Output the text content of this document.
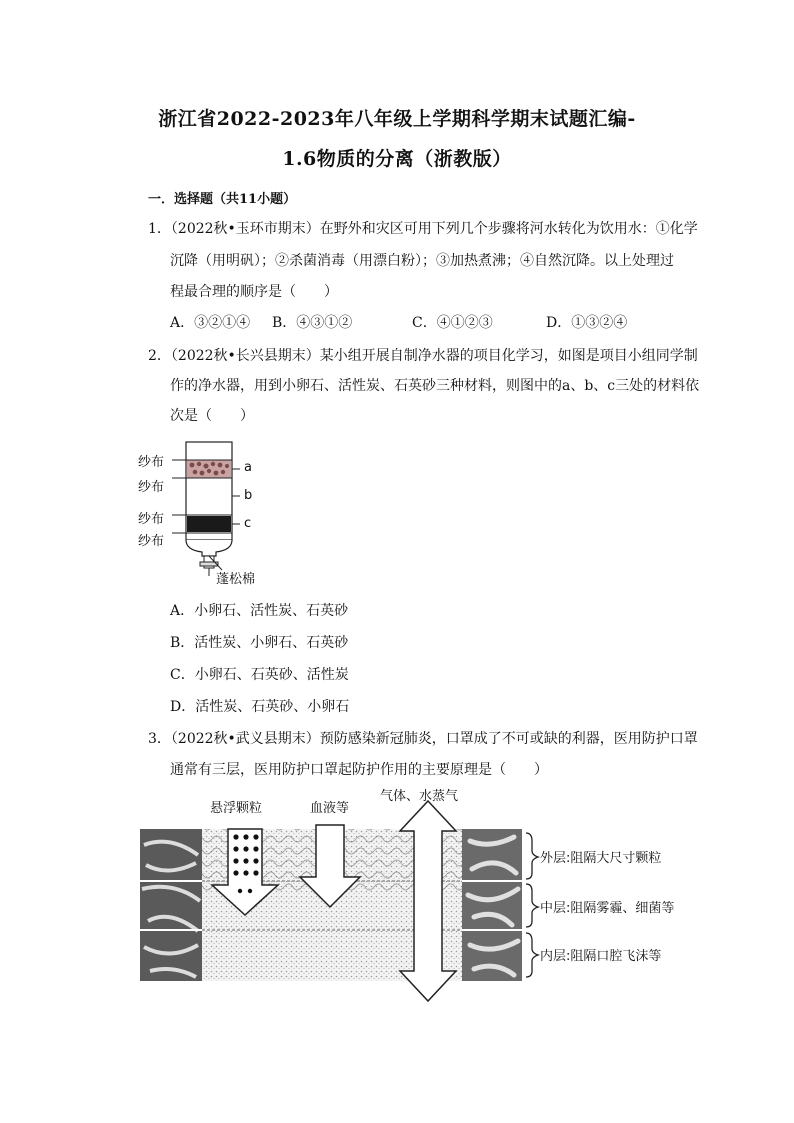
浙江省2022-2023年八年级上学期科学期末试题汇编-
1.6物质的分离（浙教版）
一．选择题（共11小题）
1．（2022秋•玉环市期末）在野外和灾区可用下列几个步骤将河水转化为饮用水：①化学
沉降（用明矾）；②杀菌消毒（用漂白粉）；③加热煮沸；④自然沉降。以上处理过
程最合理的顺序是（　　）
A．③②①④ B．④③①②	C．④①②③	D．①③②④
2．（2022秋•长兴县期末）某小组开展自制净水器的项目化学习，如图是项目小组同学制
作的净水器，用到小卵石、活性炭、石英砂三种材料，则图中的a、b、c三处的材料依
次是（　　）
纱布
纱布
纱布
纱布
a
b
c
蓬松棉
A．小卵石、活性炭、石英砂
B．活性炭、小卵石、石英砂
C．小卵石、石英砂、活性炭
D．活性炭、石英砂、小卵石
3．（2022秋•武义县期末）预防感染新冠肺炎，口罩成了不可或缺的利器，医用防护口罩
通常有三层，医用防护口罩起防护作用的主要原理是（　　）
悬浮颗粒	血液等
气体、水蒸气
外层:阻隔大尺寸颗粒
中层:阻隔雾霾、细菌等
内层:阻隔口腔飞沫等
